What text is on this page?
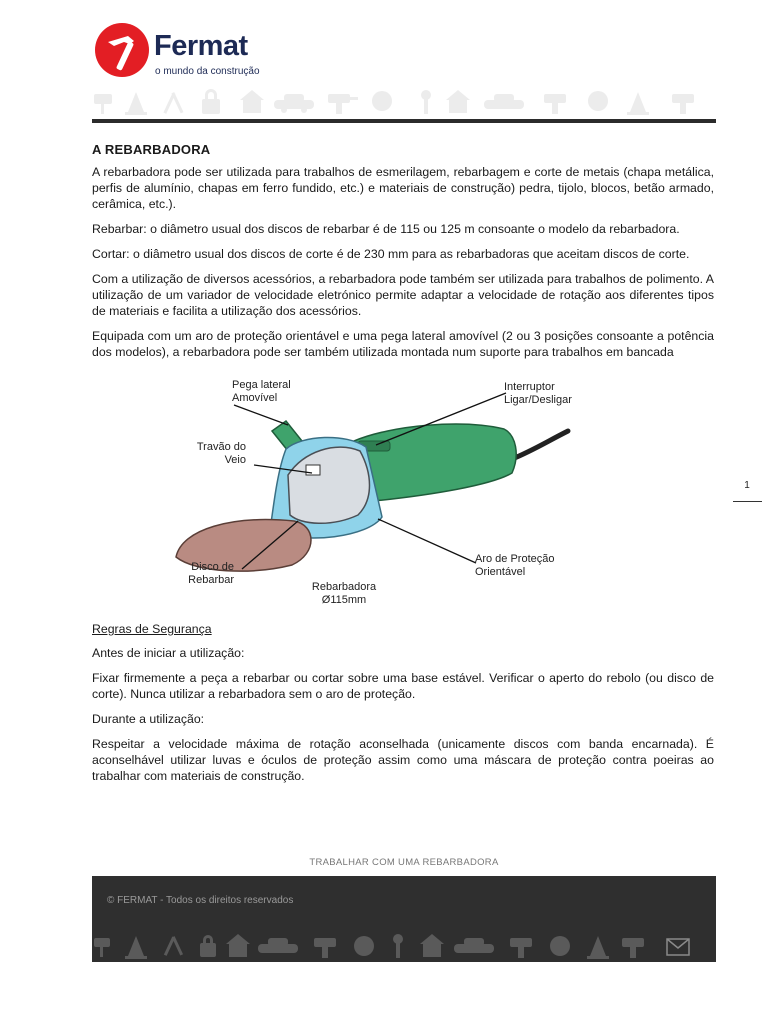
Fermat
o mundo da construção
1
A REBARBADORA

A rebarbadora pode ser utilizada para trabalhos de esmerilagem, rebarbagem e corte de metais (chapa metálica, perfis de alumínio, chapas em ferro fundido, etc.) e materiais de construção) pedra, tijolo, blocos, betão armado, cerâmica, etc.).

Rebarbar: o diâmetro usual dos discos de rebarbar é de 115 ou 125 m consoante o modelo da rebarbadora.

Cortar: o diâmetro usual dos discos de corte é de 230 mm para as rebarbadoras que aceitam discos de corte.

Com a utilização de diversos acessórios, a rebarbadora pode também ser utilizada para trabalhos de polimento. A utilização de um variador de velocidade eletrónico permite adaptar a velocidade de rotação aos diferentes tipos de materiais e facilita a utilização dos acessórios.

Equipada com um aro de proteção orientável e uma pega lateral amovível (2 ou 3 posições consoante a potência dos modelos), a rebarbadora pode ser também utilizada montada num suporte para trabalhos em bancada

Pega lateral
Amovível
Interruptor
Ligar/Desligar
Travão do
Veio
Disco de
Rebarbar
Rebarbadora
Ø115mm
Aro de Proteção
Orientável

Regras de Segurança

Antes de iniciar a utilização:

Fixar firmemente a peça a rebarbar ou cortar sobre uma base estável. Verificar o aperto do rebolo (ou disco de corte). Nunca utilizar a rebarbadora sem o aro de proteção.

Durante a utilização:

Respeitar a velocidade máxima de rotação aconselhada (unicamente discos com banda encarnada). É aconselhável utilizar luvas e óculos de proteção assim como uma máscara de proteção contra poeiras ao trabalhar com materiais de construção.

TRABALHAR COM UMA REBARBADORA
© FERMAT - Todos os direitos reservados
